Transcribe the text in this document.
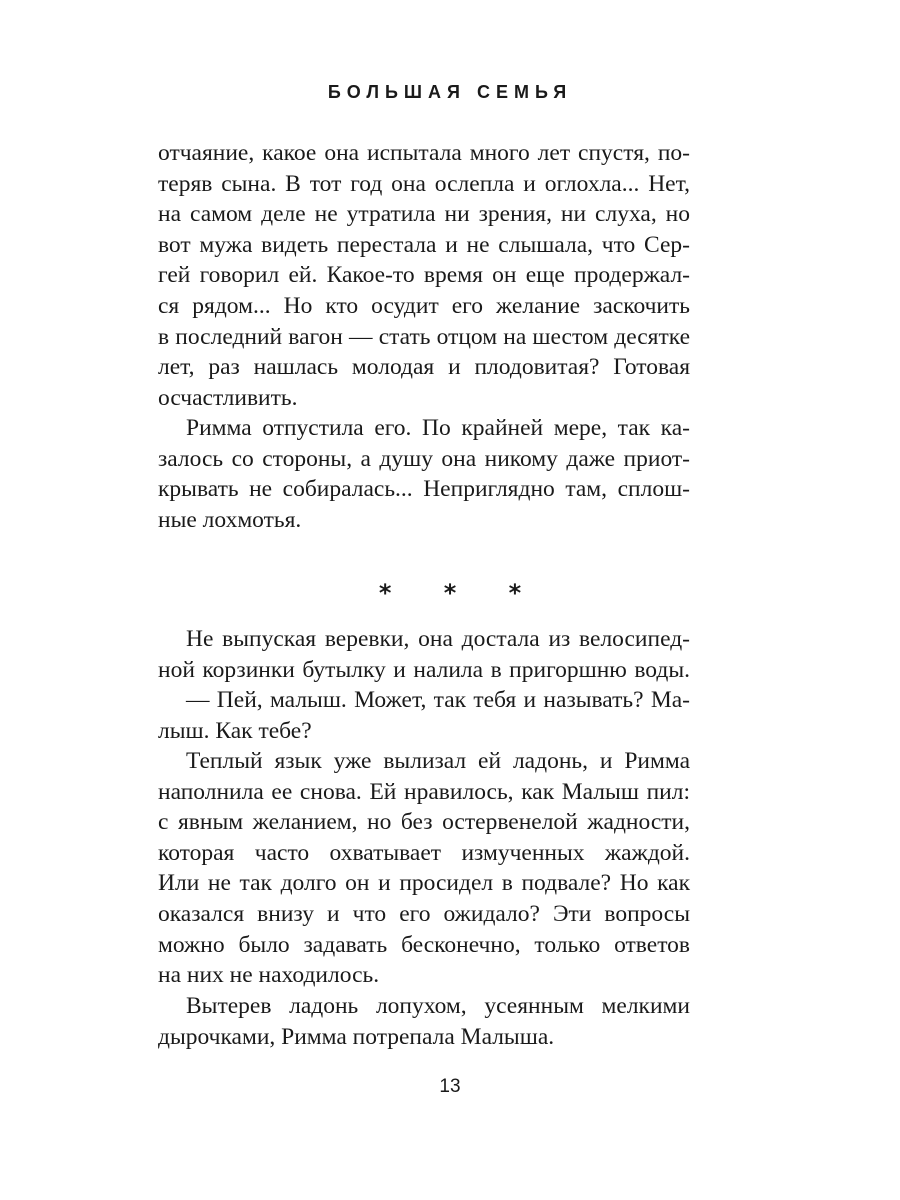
БОЛЬШАЯ СЕМЬЯ
отчаяние, какое она испытала много лет спустя, по-
теряв сына. В тот год она ослепла и оглохла... Нет,
на самом деле не утратила ни зрения, ни слуха, но
вот мужа видеть перестала и не слышала, что Сер-
гей говорил ей. Какое-то время он еще продержал-
ся рядом... Но кто осудит его желание заскочить
в последний вагон — стать отцом на шестом десятке
лет, раз нашлась молодая и плодовитая? Готовая
осчастливить.
Римма отпустила его. По крайней мере, так ка-
залось со стороны, а душу она никому даже приот-
крывать не собиралась... Неприглядно там, сплош-
ные лохмотья.
* * *
Не выпуская веревки, она достала из велосипед-
ной корзинки бутылку и налила в пригоршню воды.
— Пей, малыш. Может, так тебя и называть? Ма-
лыш. Как тебе?
Теплый язык уже вылизал ей ладонь, и Римма
наполнила ее снова. Ей нравилось, как Малыш пил:
с явным желанием, но без остервенелой жадности,
которая часто охватывает измученных жаждой.
Или не так долго он и просидел в подвале? Но как
оказался внизу и что его ожидало? Эти вопросы
можно было задавать бесконечно, только ответов
на них не находилось.
Вытерев ладонь лопухом, усеянным мелкими
дырочками, Римма потрепала Малыша.
13
